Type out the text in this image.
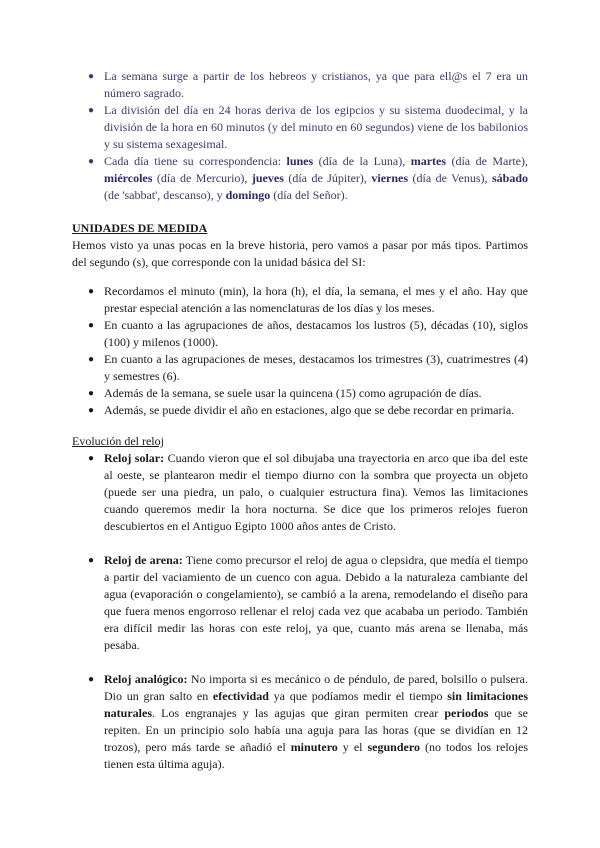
● La semana surge a partir de los hebreos y cristianos, ya que para ell@s el 7 era un número sagrado.
● La división del día en 24 horas deriva de los egipcios y su sistema duodecimal, y la división de la hora en 60 minutos (y del minuto en 60 segundos) viene de los babilonios y su sistema sexagesimal.
● Cada día tiene su correspondencia: lunes (día de la Luna), martes (día de Marte), miércoles (día de Mercurio), jueves (día de Júpiter), viernes (día de Venus), sábado (de 'sabbat', descanso), y domingo (día del Señor).
UNIDADES DE MEDIDA

Hemos visto ya unas pocas en la breve historia, pero vamos a pasar por más tipos. Partimos del segundo (s), que corresponde con la unidad básica del SI:

● Recordamos el minuto (min), la hora (h), el día, la semana, el mes y el año. Hay que prestar especial atención a las nomenclaturas de los días y los meses.
● En cuanto a las agrupaciones de años, destacamos los lustros (5), décadas (10), siglos (100) y milenos (1000).
● En cuanto a las agrupaciones de meses, destacamos los trimestres (3), cuatrimestres (4) y semestres (6).
● Además de la semana, se suele usar la quincena (15) como agrupación de días.
● Además, se puede dividir el año en estaciones, algo que se debe recordar en primaria.
Evolución del reloj
● Reloj solar: Cuando vieron que el sol dibujaba una trayectoria en arco que iba del este al oeste, se plantearon medir el tiempo diurno con la sombra que proyecta un objeto (puede ser una piedra, un palo, o cualquier estructura fina). Vemos las limitaciones cuando queremos medir la hora nocturna. Se dice que los primeros relojes fueron descubiertos en el Antiguo Egipto 1000 años antes de Cristo.
● Reloj de arena: Tiene como precursor el reloj de agua o clepsidra, que medía el tiempo a partir del vaciamiento de un cuenco con agua. Debido a la naturaleza cambiante del agua (evaporación o congelamiento), se cambió a la arena, remodelando el diseño para que fuera menos engorroso rellenar el reloj cada vez que acababa un periodo. También era difícil medir las horas con este reloj, ya que, cuanto más arena se llenaba, más pesaba.
● Reloj analógico: No importa si es mecánico o de péndulo, de pared, bolsillo o pulsera. Dio un gran salto en efectividad ya que podíamos medir el tiempo sin limitaciones naturales. Los engranajes y las agujas que giran permiten crear periodos que se repiten. En un principio solo había una aguja para las horas (que se dividían en 12 trozos), pero más tarde se añadió el minutero y el segundero (no todos los relojes tienen esta última aguja).
